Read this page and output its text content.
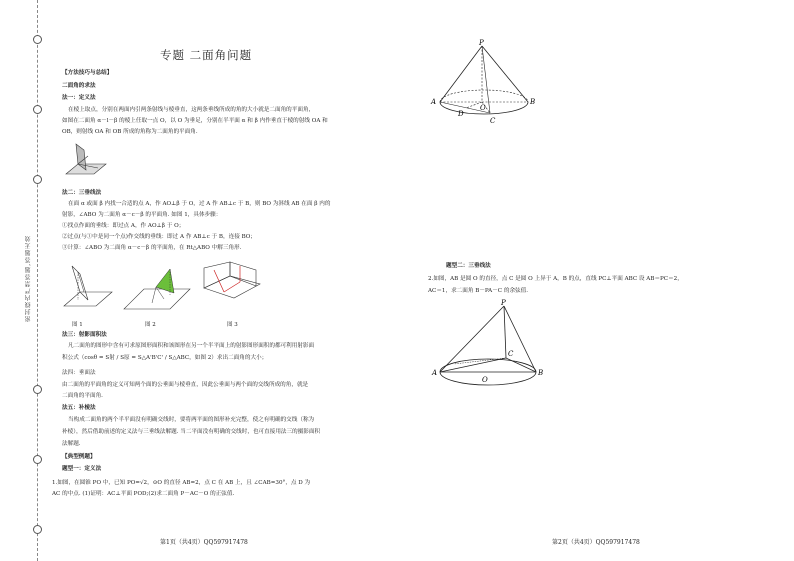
密封线内严禁答题,答题无效
专题 二面角问题
【方法技巧与总结】
二面角的求法
法一：定义法
在棱上取点，分别在两面内引两条射线与棱垂直，这两条垂线所成的角的大小就是二面角的平面角，
如图在二面角 α－l－β 的棱上任取一点 O，以 O 为垂足，分别在半平面 α 和 β 内作垂直于棱的射线 OA 和
OB，则射线 OA 和 OB 所成的角称为二面角的平面角.
法二：三垂线法
在面 α 或面 β 内找一合适的点 A，作 AO⊥β 于 O，过 A 作 AB⊥c 于 B，则 BO 为斜线 AB 在面 β 内的
射影，∠ABO 为二面角 α－c－β 的平面角. 如图 1，具体步骤：
①找点作面的垂线：即过点 A，作 AO⊥β 于 O；
②过点(与①中是同一个点)作交线的垂线：即过 A 作 AB⊥c 于 B，连接 BO；
③计算：∠ABO 为二面角 α－c－β 的平面角，在 Rt△ABO 中解三角形.
图 1	图 2	图 3
法三：射影面积法
凡二面角的图形中含有可求原图形面积和该图形在另一个半平面上的射影图形面积的都可利用射影面
积公式（cosθ = S射 / S原 = S△A'B'C' / S△ABC，如图 2）求出二面角的大小；
法四：垂面法
由二面角的平面角的定义可知两个面的公垂面与棱垂直，因此公垂面与两个面的交线所成的角，就是
二面角的平面角.
法五：补棱法
当构成二面角的两个半平面没有明确交线时，要将两平面的图形补充完整，使之有明确的交线（称为
补棱），然后借助前述的定义法与三垂线法解题. 当二平面没有明确的交线时，也可直接用法三的摄影面积
法解题.
【典型例题】
题型一：定义法
1.如图，在圆锥 PO 中，已知 PO=√2，⊙O 的直径 AB=2，点 C 在 AB 上，且 ∠CAB=30°，点 D 为
AC 的中点. (1)证明：AC⊥平面 POD;(2)求二面角 P－AC－O 的正弦值.
第1页（共4页）QQ597917478
P
A
O
B
D
C
题型二：三垂线法
2.如图，AB 是圆 O 的直径，点 C 是圆 O 上异于 A，B 的点，直线 PC⊥平面 ABC 设 AB＝PC＝2，
AC＝1，求二面角 B－PA－C 的余弦值.
P
C
A
O
B
第2页（共4页）QQ597917478
